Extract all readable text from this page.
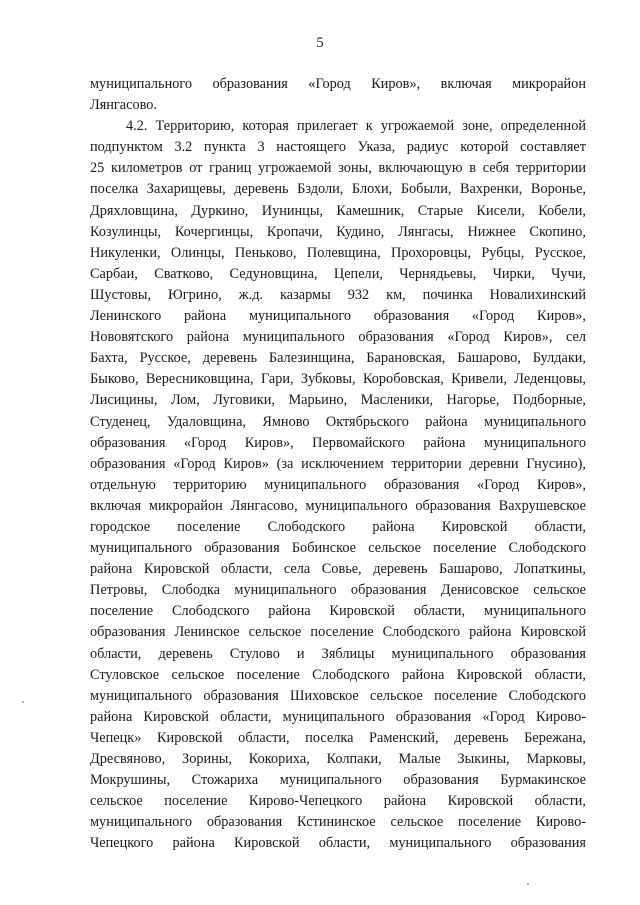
5
муниципального образования «Город Киров», включая микрорайон
Лянгасово.
4.2. Территорию, которая прилегает к угрожаемой зоне, определенной
подпунктом 3.2 пункта 3 настоящего Указа, радиус которой составляет
25 километров от границ угрожаемой зоны, включающую в себя территории
поселка Захарищевы, деревень Бздоли, Блохи, Бобыли, Вахренки, Воронье,
Дряхловщина, Дуркино, Иунинцы, Камешник, Старые Кисели, Кобели,
Козулинцы, Кочергинцы, Кропачи, Кудино, Лянгасы, Нижнее Скопино,
Никуленки, Олинцы, Пеньково, Полевщина, Прохоровцы, Рубцы, Русское,
Сарбаи, Сватково, Седуновщина, Цепели, Чернядьевы, Чирки, Чучи,
Шустовы, Югрино, ж.д. казармы 932 км, починка Новалихинский
Ленинского района муниципального образования «Город Киров»,
Нововятского района муниципального образования «Город Киров», сел
Бахта, Русское, деревень Балезинщина, Барановская, Башарово, Булдаки,
Быково, Вересниковщина, Гари, Зубковы, Коробовская, Кривели, Леденцовы,
Лисицины, Лом, Луговики, Марьино, Масленики, Нагорье, Подборные,
Студенец, Удаловщина, Ямново Октябрьского района муниципального
образования «Город Киров», Первомайского района муниципального
образования «Город Киров» (за исключением территории деревни Гнусино),
отдельную территорию муниципального образования «Город Киров»,
включая микрорайон Лянгасово, муниципального образования Вахрушевское
городское поселение Слободского района Кировской области,
муниципального образования Бобинское сельское поселение Слободского
района Кировской области, села Совье, деревень Башарово, Лопаткины,
Петровы, Слободка муниципального образования Денисовское сельское
поселение Слободского района Кировской области, муниципального
образования Ленинское сельское поселение Слободского района Кировской
области, деревень Стулово и Зяблицы муниципального образования
Стуловское сельское поселение Слободского района Кировской области,
муниципального образования Шиховское сельское поселение Слободского
района Кировской области, муниципального образования «Город Кирово-
Чепецк» Кировской области, поселка Раменский, деревень Бережана,
Дресвяново, Зорины, Кокориха, Колпаки, Малые Зыкины, Марковы,
Мокрушины, Стожариха муниципального образования Бурмакинское
сельское поселение Кирово-Чепецкого района Кировской области,
муниципального образования Кстининское сельское поселение Кирово-
Чепецкого района Кировской области, муниципального образования
